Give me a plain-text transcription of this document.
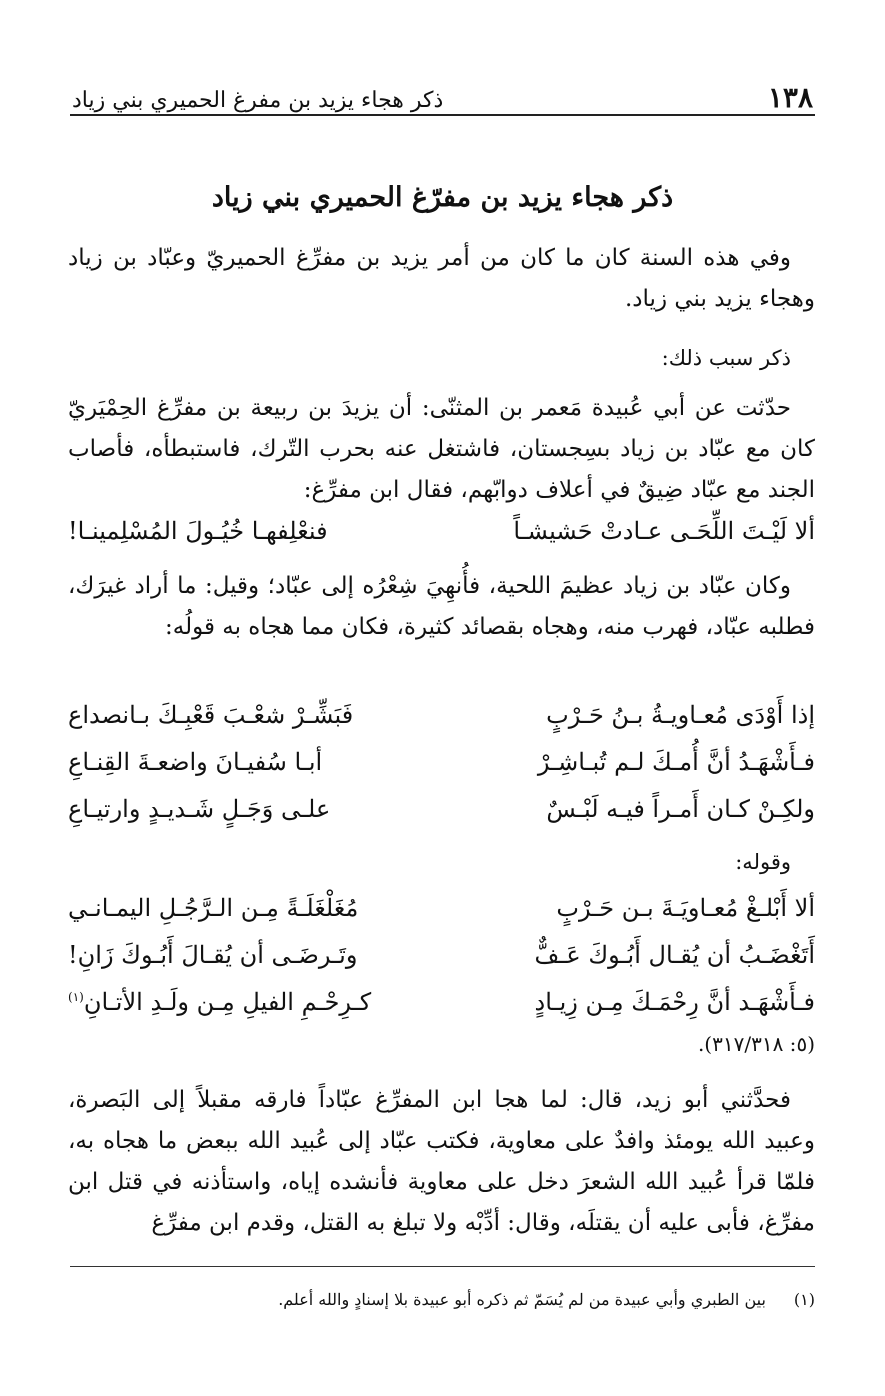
١٣٨
ذكر هجاء يزيد بن مفرغ الحميري بني زياد
ذكر هجاء يزيد بن مفرّغ الحميري بني زياد

وفي هذه السنة كان ما كان من أمر يزيد بن مفرِّغ الحميريّ وعبّاد بن زياد وهجاء يزيد بني زياد.

ذكر سبب ذلك:

حدّثت عن أبي عُبيدة مَعمر بن المثنّى: أن يزيدَ بن ربيعة بن مفرِّغ الحِمْيَريّ كان مع عبّاد بن زياد بسِجستان، فاشتغل عنه بحرب التّرك، فاستبطأه، فأصاب الجند مع عبّاد ضِيقٌ في أعلاف دوابّهم، فقال ابن مفرِّغ:

ألا لَيْـتَ اللِّحَـى عـادتْ حَشيشـاً
فنعْلِفهـا خُيُـولَ المُسْلِمينـا!

وكان عبّاد بن زياد عظيمَ اللحية، فأُنهِيَ شِعْرُه إلى عبّاد؛ وقيل: ما أراد غيرَك، فطلبه عبّاد، فهرب منه، وهجاه بقصائد كثيرة، فكان مما هجاه به قولُه:

إذا أَوْدَى مُعـاويـةُ بـنُ حَـرْبٍ
فَبَشِّـرْ شعْـبَ قَعْبِـكَ بـانصداع
فـأَشْهَـدُ أنَّ أُمـكَ لـم تُبـاشِـرْ
أبـا سُفيـانَ واضعـةَ القِنـاعِ
ولكِـنْ كـان أَمـراً فيـه لَبْـسٌ
علـى وَجَـلٍ شَـديـدٍ وارتيـاعِ

وقوله:

ألا أَبْلـغْ مُعـاويَـةَ بـن حَـرْبٍ
مُغَلْغَلَـةً مِـن الـرَّجُـلِ اليمـانـي
أَتَغْضَـبُ أن يُقـال أَبُـوكَ عَـفٌّ
وتَـرضَـى أن يُقـالَ أَبُـوكَ زَانِ!
فـأَشْهَـد أنَّ رِحْمَـكَ مِـن زِيـادٍ
كـرِحْـمِ الفيلِ مِـن ولَـدِ الأتـانِ$^{(١)}$
(٥: ٣١٧/٣١٨).

فحدَّثني أبو زيد، قال: لما هجا ابن المفرِّغ عبّاداً فارقه مقبلاً إلى البَصرة، وعبيد الله يومئذ وافدٌ على معاوية، فكتب عبّاد إلى عُبيد الله ببعض ما هجاه به، فلمّا قرأ عُبيد الله الشعرَ دخل على معاوية فأنشده إياه، واستأذنه في قتل ابن مفرِّغ، فأبى عليه أن يقتلَه، وقال: أدِّبْه ولا تبلغ به القتل، وقدم ابن مفرِّغ

(١)
بين الطبري وأبي عبيدة من لم يُسَمّ ثم ذكره أبو عبيدة بلا إسنادٍ والله أعلم.
